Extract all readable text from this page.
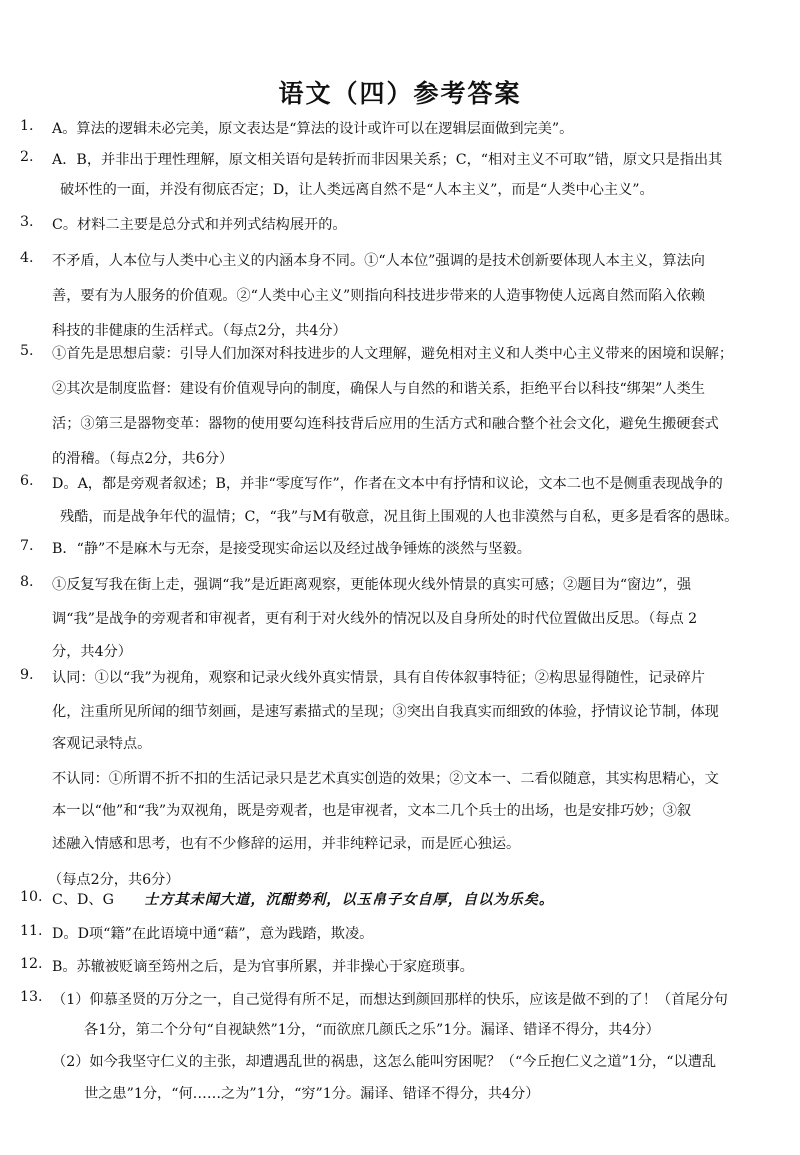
语文（四）参考答案
1. A。算法的逻辑未必完美，原文表达是“算法的设计或许可以在逻辑层面做到完美”。
2. A．B，并非出于理性理解，原文相关语句是转折而非因果关系；C，“相对主义不可取”错，原文只是指出其
破坏性的一面，并没有彻底否定；D，让人类远离自然不是“人本主义”，而是“人类中心主义”。
3. C。材料二主要是总分式和并列式结构展开的。
4. 不矛盾，人本位与人类中心主义的内涵本身不同。①“人本位”强调的是技术创新要体现人本主义，算法向
善，要有为人服务的价值观。②“人类中心主义”则指向科技进步带来的人造事物使人远离自然而陷入依赖
科技的非健康的生活样式。（每点2分，共4分）
5. ①首先是思想启蒙：引导人们加深对科技进步的人文理解，避免相对主义和人类中心主义带来的困境和误解；
②其次是制度监督：建设有价值观导向的制度，确保人与自然的和谐关系，拒绝平台以科技“绑架”人类生
活；③第三是器物变革：器物的使用要勾连科技背后应用的生活方式和融合整个社会文化，避免生搬硬套式
的滑稽。（每点2分，共6分）
6. D。A，都是旁观者叙述；B，并非“零度写作”，作者在文本中有抒情和议论，文本二也不是侧重表现战争的
残酷，而是战争年代的温情；C，“我”与M有敬意，况且街上围观的人也非漠然与自私，更多是看客的愚昧。
7. B．“静”不是麻木与无奈，是接受现实命运以及经过战争锤炼的淡然与坚毅。
8. ①反复写我在街上走，强调“我”是近距离观察，更能体现火线外情景的真实可感；②题目为“窗边”，强
调“我”是战争的旁观者和审视者，更有利于对火线外的情况以及自身所处的时代位置做出反思。（每点 2
分，共4分）
9. 认同：①以“我”为视角，观察和记录火线外真实情景，具有自传体叙事特征；②构思显得随性，记录碎片
化，注重所见所闻的细节刻画，是速写素描式的呈现；③突出自我真实而细致的体验，抒情议论节制，体现
客观记录特点。
不认同：①所谓不折不扣的生活记录只是艺术真实创造的效果；②文本一、二看似随意，其实构思精心，文
本一以“他”和“我”为双视角，既是旁观者，也是审视者，文本二几个兵士的出场，也是安排巧妙；③叙
述融入情感和思考，也有不少修辞的运用，并非纯粹记录，而是匠心独运。
（每点2分，共6分）
10. C、D、G 士方其未闻大道，沉酣势利，以玉帛子女自厚，自以为乐矣。
11. D。D项“籍”在此语境中通“藉”，意为践踏，欺凌。
12. B。苏辙被贬谪至筠州之后，是为官事所累，并非操心于家庭琐事。
13. （1）仰慕圣贤的万分之一，自己觉得有所不足，而想达到颜回那样的快乐，应该是做不到的了！（首尾分句
各1分，第二个分句“自视缺然”1分，“而欲庶几颜氏之乐”1分。漏译、错译不得分，共4分）
（2）如今我坚守仁义的主张，却遭遇乱世的祸患，这怎么能叫穷困呢？（“今丘抱仁义之道”1分，“以遭乱
世之患”1分，“何……之为”1分，“穷”1分。漏译、错译不得分，共4分）
